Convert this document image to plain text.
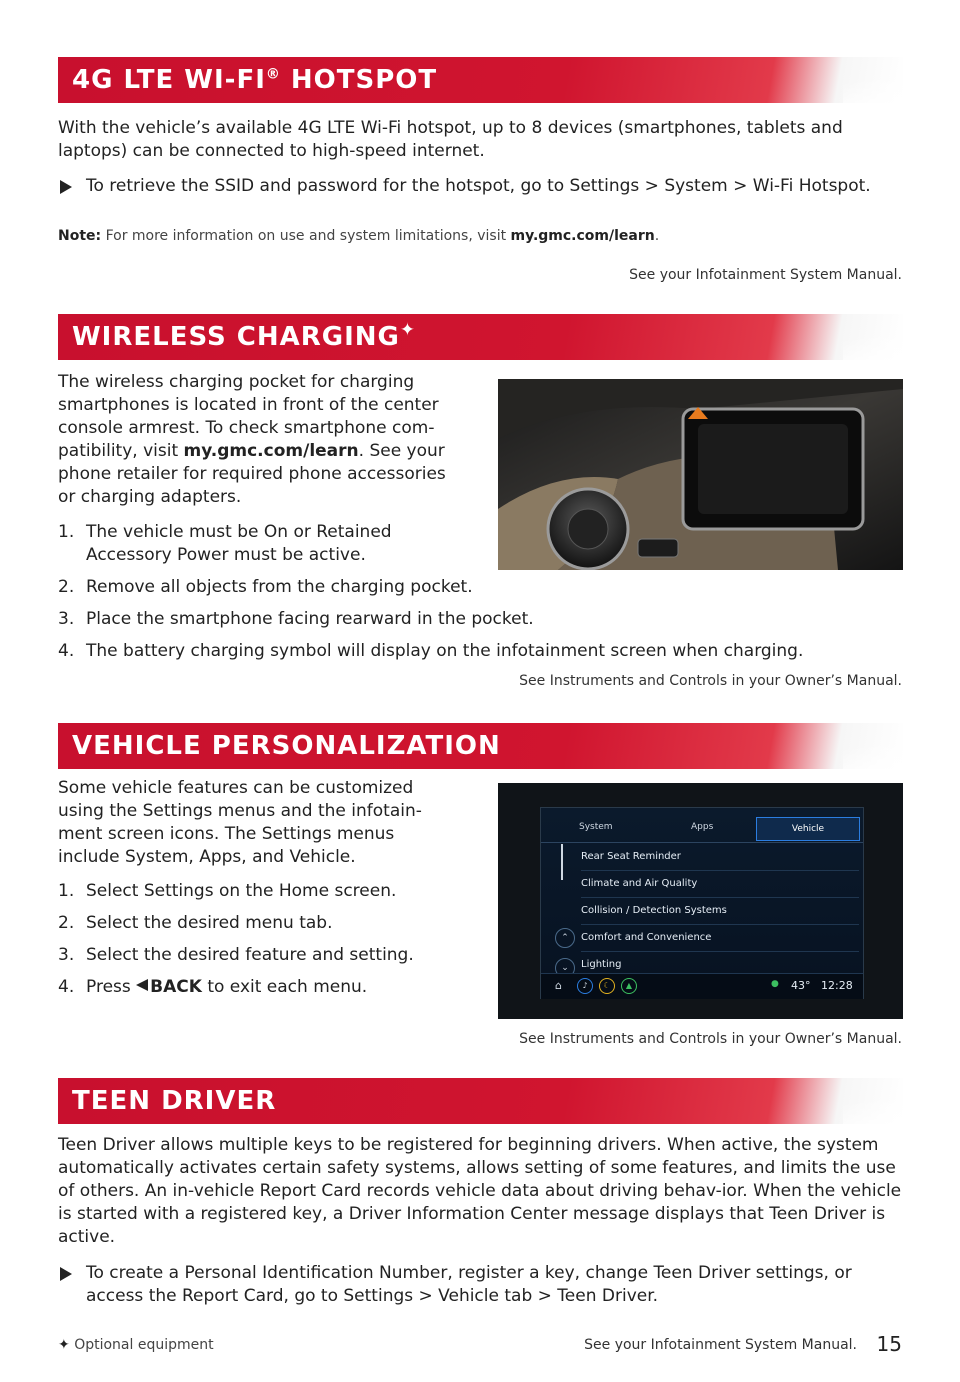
4G LTE WI-FI® HOTSPOT

With the vehicle’s available 4G LTE Wi-Fi hotspot, up to 8 devices (smartphones, tablets and laptops) can be connected to high-speed internet.

To retrieve the SSID and password for the hotspot, go to Settings > System > Wi-Fi Hotspot.
Note: For more information on use and system limitations, visit my.gmc.com/learn.
See your Infotainment System Manual.
WIRELESS CHARGING✦

The wireless charging pocket for charging smartphones is located in front of the center console armrest. To check smartphone com-patibility, visit my.gmc.com/learn. See your phone retailer for required phone accessories or charging adapters.

1. The vehicle must be On or Retained Accessory Power must be active.
2. Remove all objects from the charging pocket.
3. Place the smartphone facing rearward in the pocket.
4. The battery charging symbol will display on the infotainment screen when charging.
See Instruments and Controls in your Owner’s Manual.
VEHICLE PERSONALIZATION

Some vehicle features can be customized using the Settings menus and the infotain-ment screen icons. The Settings menus include System, Apps, and Vehicle.

1. Select Settings on the Home screen.
2. Select the desired menu tab.
3. Select the desired feature and setting.
4. Press BACK to exit each menu.
System	Apps	Vehicle
⌃
⌄
Rear Seat Reminder
Climate and Air Quality
Collision / Detection Systems
Comfort and Convenience
Lighting
⌂	♪	☾	▲	● 43° 12:28
See Instruments and Controls in your Owner’s Manual.
TEEN DRIVER

Teen Driver allows multiple keys to be registered for beginning drivers. When active, the system automatically activates certain safety systems, allows setting of some features, and limits the use of others. An in-vehicle Report Card records vehicle data about driving behav-ior. When the vehicle is started with a registered key, a Driver Information Center message displays that Teen Driver is active.

To create a Personal Identification Number, register a key, change Teen Driver settings, or access the Report Card, go to Settings > Vehicle tab > Teen Driver.
See your Infotainment System Manual.
✦ Optional equipment	15
